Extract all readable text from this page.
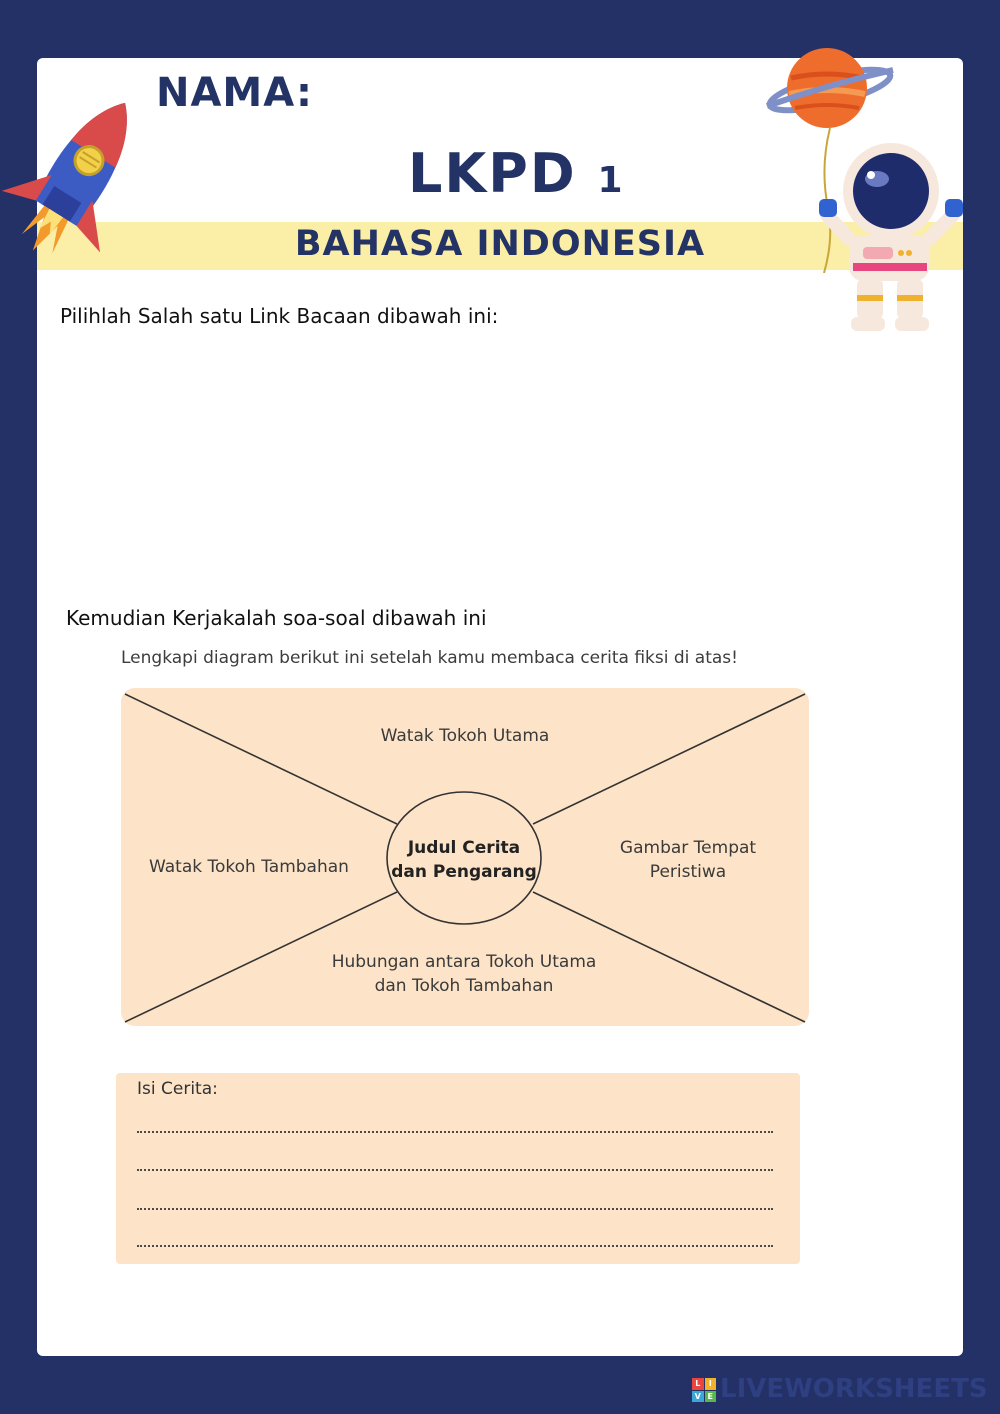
NAMA:
LKPD 1
BAHASA INDONESIA
Pilihlah Salah satu Link Bacaan dibawah ini:
Kemudian Kerjakalah soa-soal dibawah ini
Lengkapi diagram berikut ini setelah kamu membaca cerita fiksi di atas!
Watak Tokoh Utama
Watak Tokoh Tambahan
Gambar Tempat
Peristiwa
Judul Cerita
dan Pengarang
Hubungan antara Tokoh Utama
dan Tokoh Tambahan
Isi Cerita:
L	I
V E LIVEWORKSHEETS
